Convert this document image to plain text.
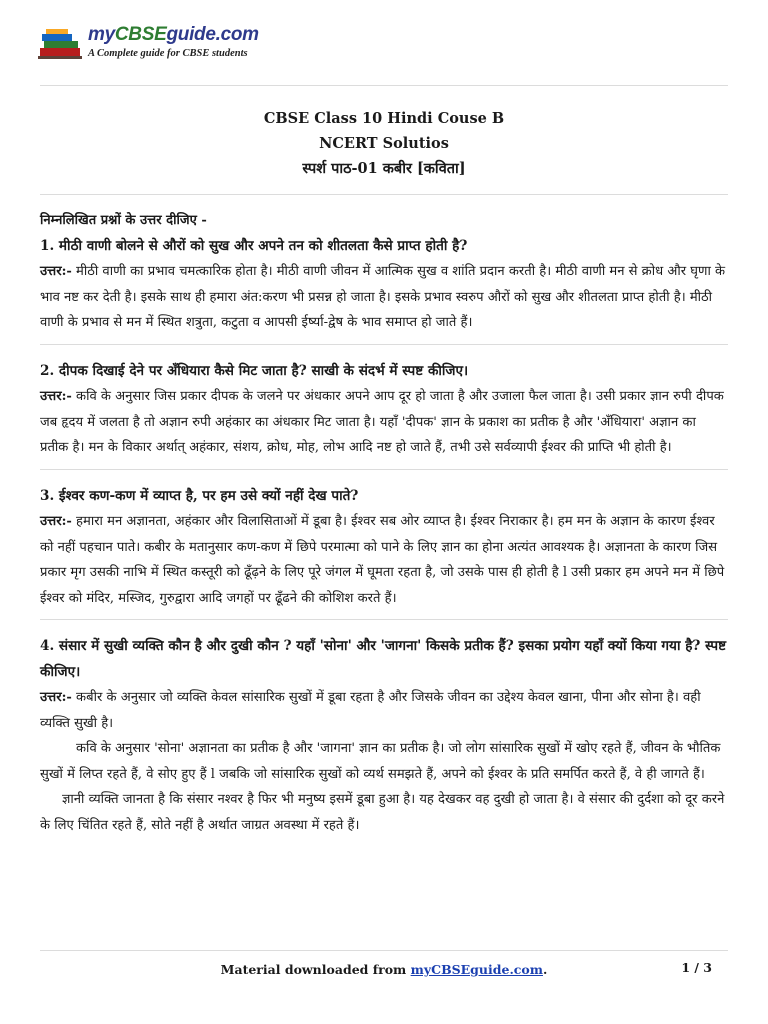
myCBSEguide.com
A Complete guide for CBSE students
CBSE Class 10 Hindi Couse B
NCERT Solutios
स्पर्श पाठ-01 कबीर [कविता]

निम्नलिखित प्रश्नों के उत्तर दीजिए -

1. मीठी वाणी बोलने से औरों को सुख और अपने तन को शीतलता कैसे प्राप्त होती है?

उत्तर:- मीठी वाणी का प्रभाव चमत्कारिक होता है। मीठी वाणी जीवन में आत्मिक सुख व शांति प्रदान करती है। मीठी वाणी मन से क्रोध और घृणा के भाव नष्ट कर देती है। इसके साथ ही हमारा अंत:करण भी प्रसन्न हो जाता है। इसके प्रभाव स्वरुप औरों को सुख और शीतलता प्राप्त होती है। मीठी वाणी के प्रभाव से मन में स्थित शत्रुता, कटुता व आपसी ईर्ष्या-द्वेष के भाव समाप्त हो जाते हैं।

2. दीपक दिखाई देने पर अँधियारा कैसे मिट जाता है? साखी के संदर्भ में स्पष्ट कीजिए।

उत्तर:- कवि के अनुसार जिस प्रकार दीपक के जलने पर अंधकार अपने आप दूर हो जाता है और उजाला फैल जाता है। उसी प्रकार ज्ञान रुपी दीपक जब हृदय में जलता है तो अज्ञान रुपी अहंकार का अंधकार मिट जाता है। यहाँ 'दीपक' ज्ञान के प्रकाश का प्रतीक है और 'अँधियारा' अज्ञान का प्रतीक है। मन के विकार अर्थात् अहंकार, संशय, क्रोध, मोह, लोभ आदि नष्ट हो जाते हैं, तभी उसे सर्वव्यापी ईश्वर की प्राप्ति भी होती है।

3. ईश्वर कण-कण में व्याप्त है, पर हम उसे क्यों नहीं देख पाते?

उत्तर:- हमारा मन अज्ञानता, अहंकार और विलासिताओं में डूबा है। ईश्वर सब ओर व्याप्त है। ईश्वर निराकार है। हम मन के अज्ञान के कारण ईश्वर को नहीं पहचान पाते। कबीर के मतानुसार कण-कण में छिपे परमात्मा को पाने के लिए ज्ञान का होना अत्यंत आवश्यक है। अज्ञानता के कारण जिस प्रकार मृग उसकी नाभि में स्थित कस्तूरी को ढूँढ़ने के लिए पूरे जंगल में घूमता रहता है, जो उसके पास ही होती है l उसी प्रकार हम अपने मन में छिपे ईश्वर को मंदिर, मस्जिद, गुरुद्वारा आदि जगहों पर ढूँढने की कोशिश करते हैं।

4. संसार में सुखी व्यक्ति कौन है और दुखी कौन ? यहाँ 'सोना' और 'जागना' किसके प्रतीक हैं? इसका प्रयोग यहाँ क्यों किया गया है? स्पष्ट कीजिए।

उत्तर:- कबीर के अनुसार जो व्यक्ति केवल सांसारिक सुखों में डूबा रहता है और जिसके जीवन का उद्देश्य केवल खाना, पीना और सोना है। वही व्यक्ति सुखी है।

कवि के अनुसार 'सोना' अज्ञानता का प्रतीक है और 'जागना' ज्ञान का प्रतीक है। जो लोग सांसारिक सुखों में खोए रहते हैं, जीवन के भौतिक सुखों में लिप्त रहते हैं, वे सोए हुए हैं l जबकि जो सांसारिक सुखों को व्यर्थ समझते हैं, अपने को ईश्वर के प्रति समर्पित करते हैं, वे ही जागते हैं।

ज्ञानी व्यक्ति जानता है कि संसार नश्वर है फिर भी मनुष्य इसमें डूबा हुआ है। यह देखकर वह दुखी हो जाता है। वे संसार की दुर्दशा को दूर करने के लिए चिंतित रहते हैं, सोते नहीं है अर्थात जाग्रत अवस्था में रहते हैं।

Material downloaded from myCBSEguide.com.	1 / 3
